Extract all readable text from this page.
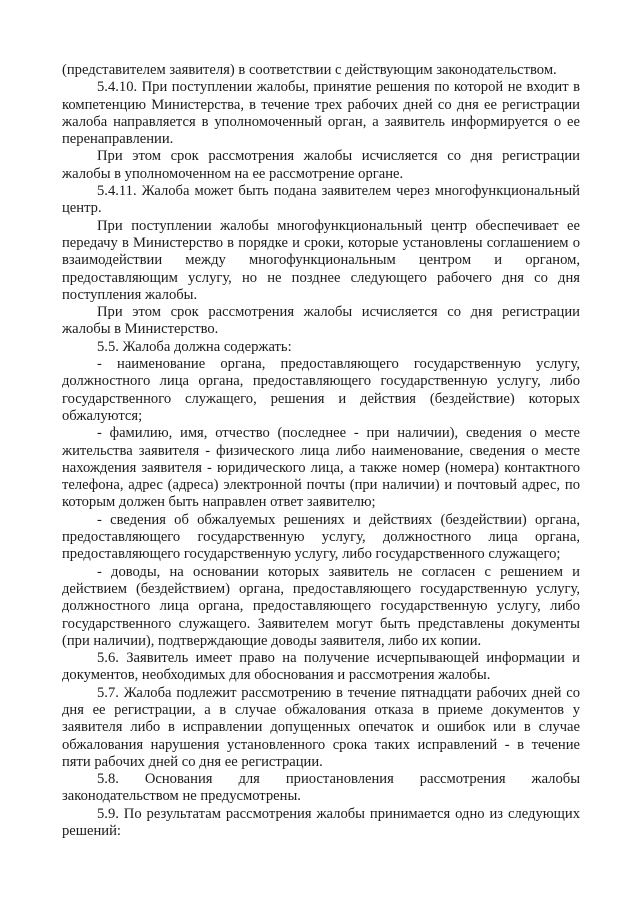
(представителем заявителя) в соответствии с действующим законодательством.

5.4.10. При поступлении жалобы, принятие решения по которой не входит в компетенцию Министерства, в течение трех рабочих дней со дня ее регистрации жалоба направляется в уполномоченный орган, а заявитель информируется о ее перенаправлении.

При этом срок рассмотрения жалобы исчисляется со дня регистрации жалобы в уполномоченном на ее рассмотрение органе.

5.4.11. Жалоба может быть подана заявителем через многофункциональный центр.

При поступлении жалобы многофункциональный центр обеспечивает ее передачу в Министерство в порядке и сроки, которые установлены соглашением о взаимодействии между многофункциональным центром и органом, предоставляющим услугу, но не позднее следующего рабочего дня со дня поступления жалобы.

При этом срок рассмотрения жалобы исчисляется со дня регистрации жалобы в Министерство.

5.5. Жалоба должна содержать:

- наименование органа, предоставляющего государственную услугу, должностного лица органа, предоставляющего государственную услугу, либо государственного служащего, решения и действия (бездействие) которых обжалуются;

- фамилию, имя, отчество (последнее - при наличии), сведения о месте жительства заявителя - физического лица либо наименование, сведения о месте нахождения заявителя - юридического лица, а также номер (номера) контактного телефона, адрес (адреса) электронной почты (при наличии) и почтовый адрес, по которым должен быть направлен ответ заявителю;

- сведения об обжалуемых решениях и действиях (бездействии) органа, предоставляющего государственную услугу, должностного лица органа, предоставляющего государственную услугу, либо государственного служащего;

- доводы, на основании которых заявитель не согласен с решением и действием (бездействием) органа, предоставляющего государственную услугу, должностного лица органа, предоставляющего государственную услугу, либо государственного служащего. Заявителем могут быть представлены документы (при наличии), подтверждающие доводы заявителя, либо их копии.

5.6. Заявитель имеет право на получение исчерпывающей информации и документов, необходимых для обоснования и рассмотрения жалобы.

5.7. Жалоба подлежит рассмотрению в течение пятнадцати рабочих дней со дня ее регистрации, а в случае обжалования отказа в приеме документов у заявителя либо в исправлении допущенных опечаток и ошибок или в случае обжалования нарушения установленного срока таких исправлений - в течение пяти рабочих дней со дня ее регистрации.

5.8. Основания для приостановления рассмотрения жалобы законодательством не предусмотрены.

5.9. По результатам рассмотрения жалобы принимается одно из следующих решений:
